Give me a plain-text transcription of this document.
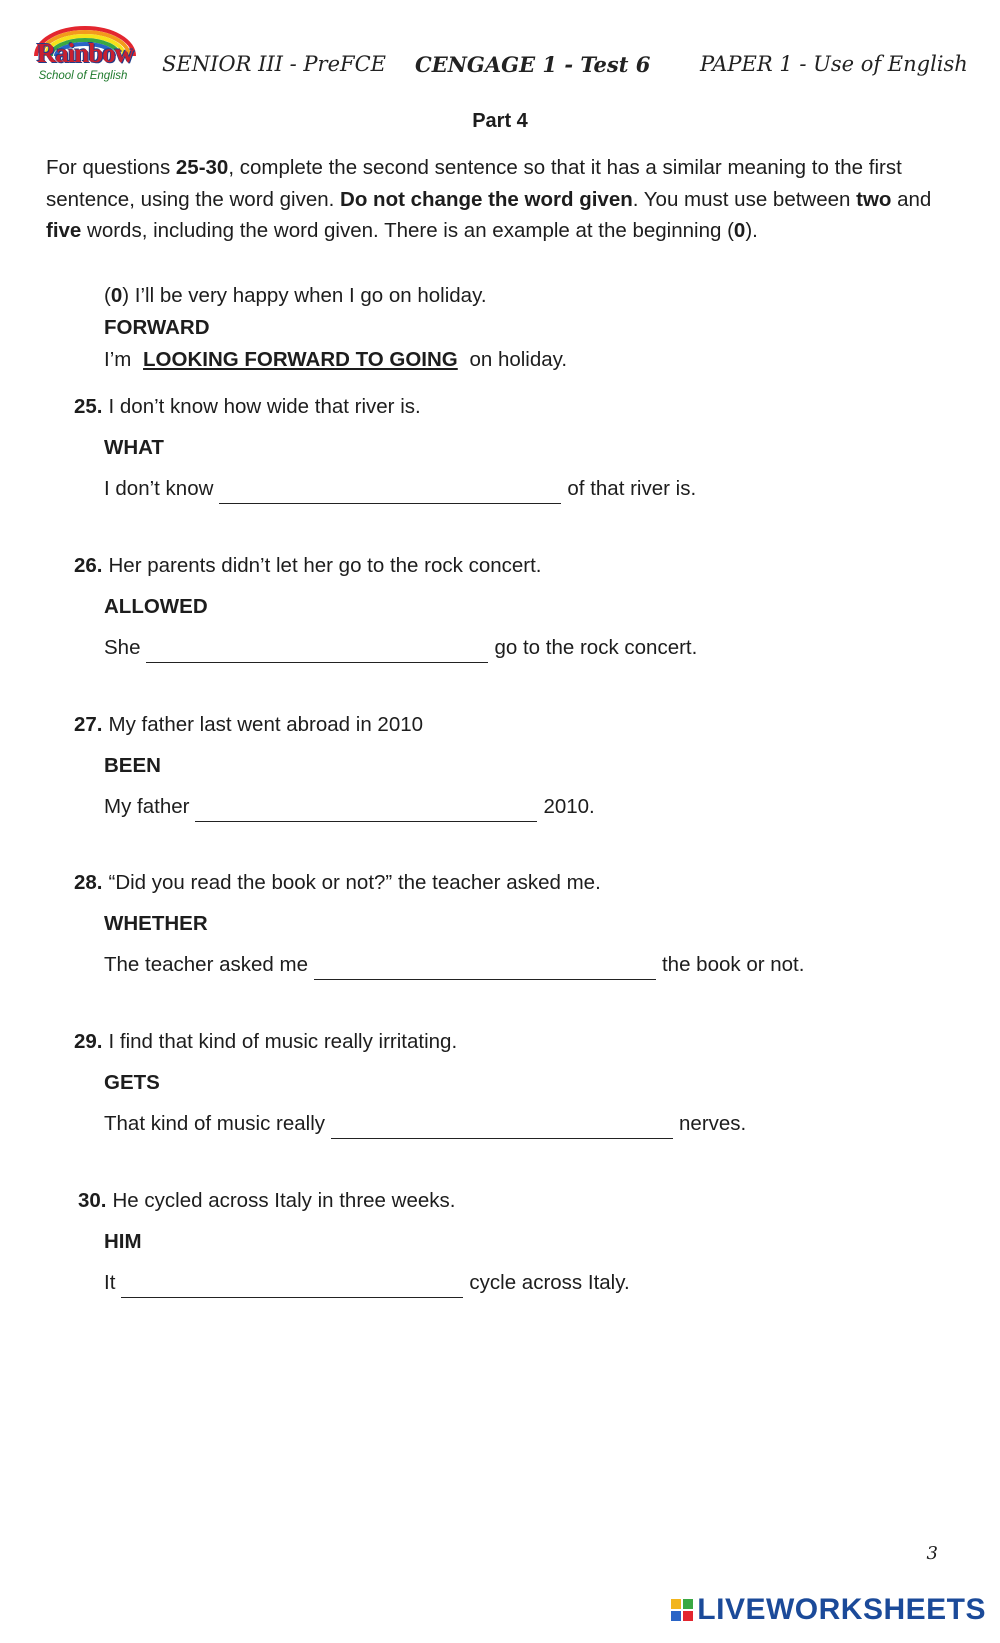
Rainbow
School of English	SENIOR III - PreFCE CENGAGE 1 - Test 6 PAPER 1 - Use of English
Part 4
For questions 25-30, complete the second sentence so that it has a similar meaning to the first sentence, using the word given. Do not change the word given. You must use between two and five words, including the word given. There is an example at the beginning (0).
(0) I’ll be very happy when I go on holiday.
FORWARD
I’m LOOKING FORWARD TO GOING on holiday.
25. I don’t know how wide that river is.
WHAT
I don’t know	of that river is.
26. Her parents didn’t let her go to the rock concert.
ALLOWED
She	go to the rock concert.
27. My father last went abroad in 2010
BEEN
My father	2010.
28. “Did you read the book or not?” the teacher asked me.
WHETHER
The teacher asked me	the book or not.
29. I find that kind of music really irritating.
GETS
That kind of music really	nerves.
30. He cycled across Italy in three weeks.
HIM
It	cycle across Italy.
3
LIVEWORKSHEETS
